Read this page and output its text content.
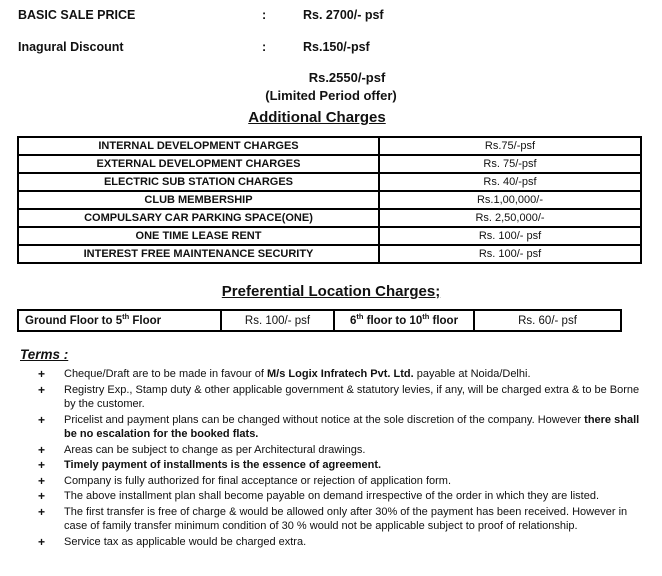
BASIC SALE PRICE	:	Rs. 2700/- psf
Inagural Discount	:	Rs.150/-psf
Rs.2550/-psf
(Limited Period offer)
Additional Charges
INTERNAL DEVELOPMENT CHARGES	Rs.75/-psf
EXTERNAL DEVELOPMENT CHARGES	Rs. 75/-psf
ELECTRIC SUB STATION CHARGES	Rs. 40/-psf
CLUB MEMBERSHIP	Rs.1,00,000/-
COMPULSARY CAR PARKING SPACE(ONE)	Rs. 2,50,000/-
ONE TIME LEASE RENT	Rs. 100/- psf
INTEREST FREE MAINTENANCE SECURITY	Rs. 100/- psf
Preferential Location Charges;
Ground Floor to 5th Floor	Rs. 100/- psf	6th floor to 10th floor	Rs. 60/- psf
Terms :
+ Cheque/Draft are to be made in favour of M/s Logix Infratech Pvt. Ltd. payable at Noida/Delhi.
+ Registry Exp., Stamp duty & other applicable government & statutory levies, if any, will be charged extra & to be Borne by the customer.
+ Pricelist and payment plans can be changed without notice at the sole discretion of the company. However there shall be no escalation for the booked flats.
+ Areas can be subject to change as per Architectural drawings.
+ Timely payment of installments is the essence of agreement.
+ Company is fully authorized for final acceptance or rejection of application form.
+ The above installment plan shall become payable on demand irrespective of the order in which they are listed.
+ The first transfer is free of charge & would be allowed only after 30% of the payment has been received. However in case of family transfer minimum condition of 30 % would not be applicable subject to proof of relationship.
+ Service tax as applicable would be charged extra.
